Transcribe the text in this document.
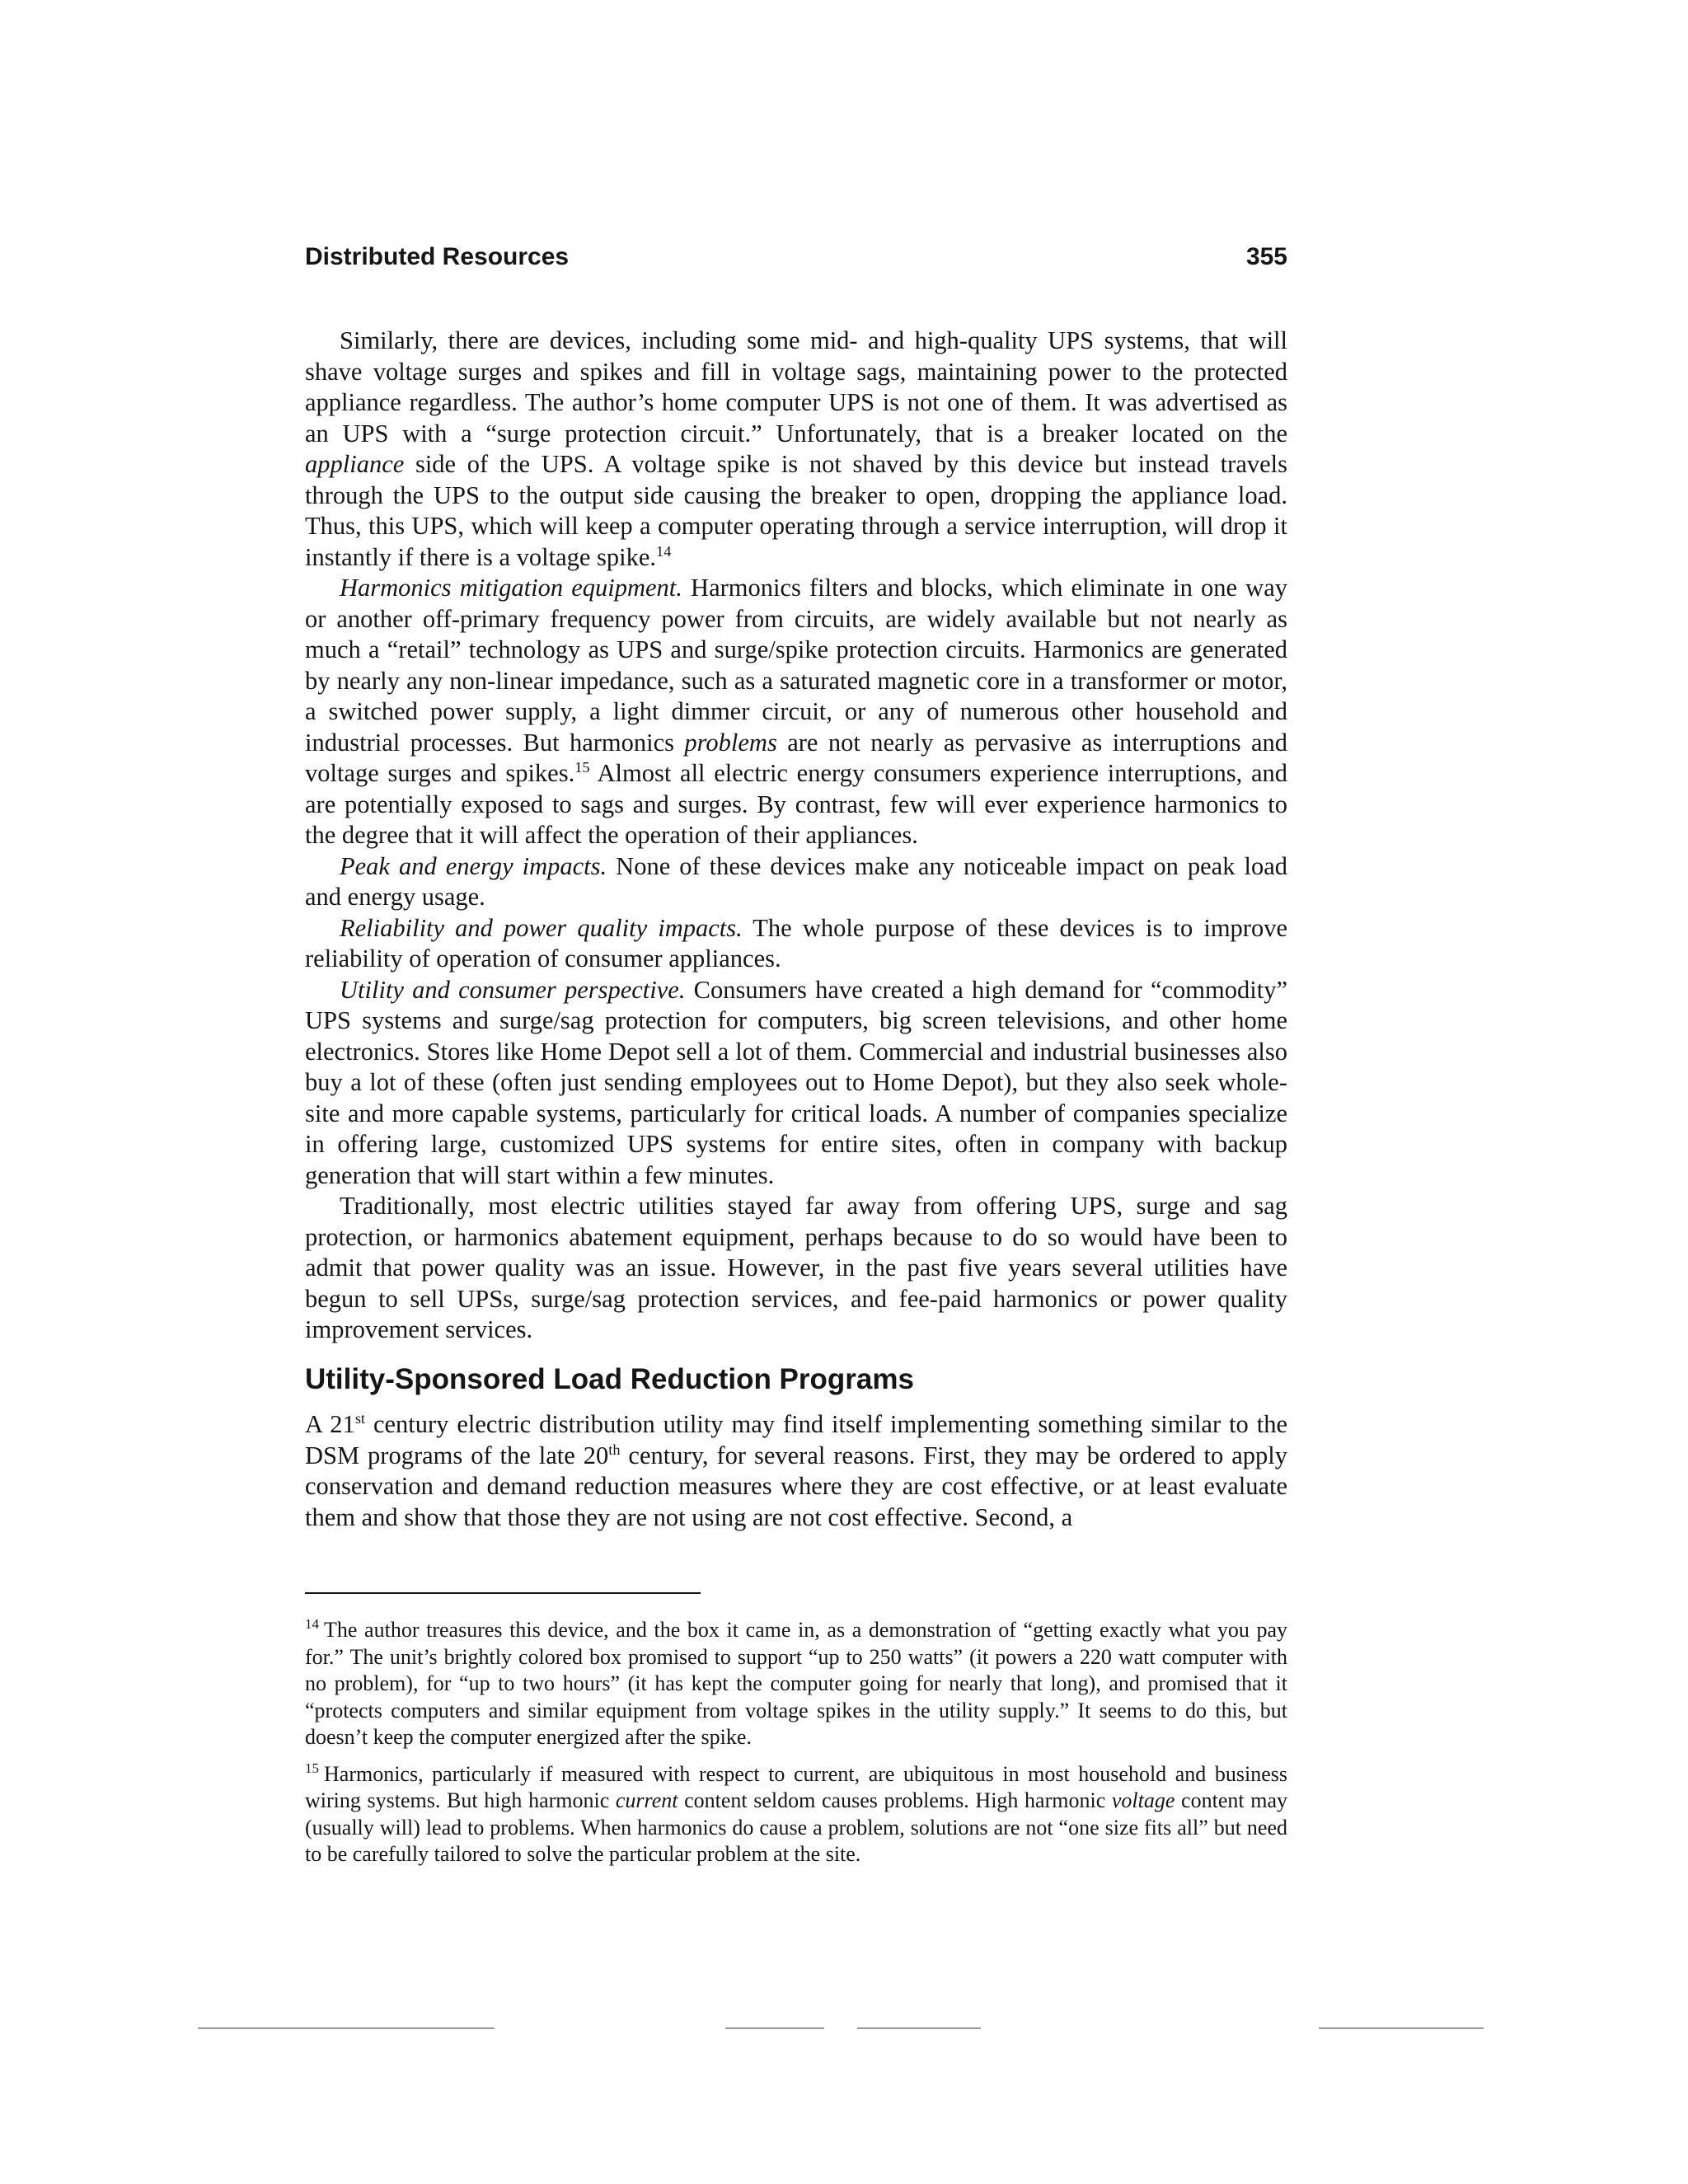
Distributed Resources	355

Similarly, there are devices, including some mid- and high-quality UPS systems, that will shave voltage surges and spikes and fill in voltage sags, maintaining power to the protected appliance regardless. The author’s home computer UPS is not one of them. It was advertised as an UPS with a “surge protection circuit.” Unfortunately, that is a breaker located on the appliance side of the UPS. A voltage spike is not shaved by this device but instead travels through the UPS to the output side causing the breaker to open, dropping the appliance load. Thus, this UPS, which will keep a computer operating through a service interruption, will drop it instantly if there is a voltage spike.$^{14}$

Harmonics mitigation equipment. Harmonics filters and blocks, which eliminate in one way or another off-primary frequency power from circuits, are widely available but not nearly as much a “retail” technology as UPS and surge/spike protection circuits. Harmonics are generated by nearly any non-linear impedance, such as a saturated magnetic core in a transformer or motor, a switched power supply, a light dimmer circuit, or any of numerous other household and industrial processes. But harmonics problems are not nearly as pervasive as interruptions and voltage surges and spikes.$^{15}$ Almost all electric energy consumers experience interruptions, and are potentially exposed to sags and surges. By contrast, few will ever experience harmonics to the degree that it will affect the operation of their appliances.

Peak and energy impacts. None of these devices make any noticeable impact on peak load and energy usage.

Reliability and power quality impacts. The whole purpose of these devices is to improve reliability of operation of consumer appliances.

Utility and consumer perspective. Consumers have created a high demand for “commodity” UPS systems and surge/sag protection for computers, big screen televisions, and other home electronics. Stores like Home Depot sell a lot of them. Commercial and industrial businesses also buy a lot of these (often just sending employees out to Home Depot), but they also seek whole-site and more capable systems, particularly for critical loads. A number of companies specialize in offering large, customized UPS systems for entire sites, often in company with backup generation that will start within a few minutes.

Traditionally, most electric utilities stayed far away from offering UPS, surge and sag protection, or harmonics abatement equipment, perhaps because to do so would have been to admit that power quality was an issue. However, in the past five years several utilities have begun to sell UPSs, surge/sag protection services, and fee-paid harmonics or power quality improvement services.

Utility-Sponsored Load Reduction Programs

A 21st century electric distribution utility may find itself implementing something similar to the DSM programs of the late 20th century, for several reasons. First, they may be ordered to apply conservation and demand reduction measures where they are cost effective, or at least evaluate them and show that those they are not using are not cost effective. Second, a

$^{14}$ The author treasures this device, and the box it came in, as a demonstration of “getting exactly what you pay for.” The unit’s brightly colored box promised to support “up to 250 watts” (it powers a 220 watt computer with no problem), for “up to two hours” (it has kept the computer going for nearly that long), and promised that it “protects computers and similar equipment from voltage spikes in the utility supply.” It seems to do this, but doesn’t keep the computer energized after the spike.

$^{15}$ Harmonics, particularly if measured with respect to current, are ubiquitous in most household and business wiring systems. But high harmonic current content seldom causes problems. High harmonic voltage content may (usually will) lead to problems. When harmonics do cause a problem, solutions are not “one size fits all” but need to be carefully tailored to solve the particular problem at the site.
